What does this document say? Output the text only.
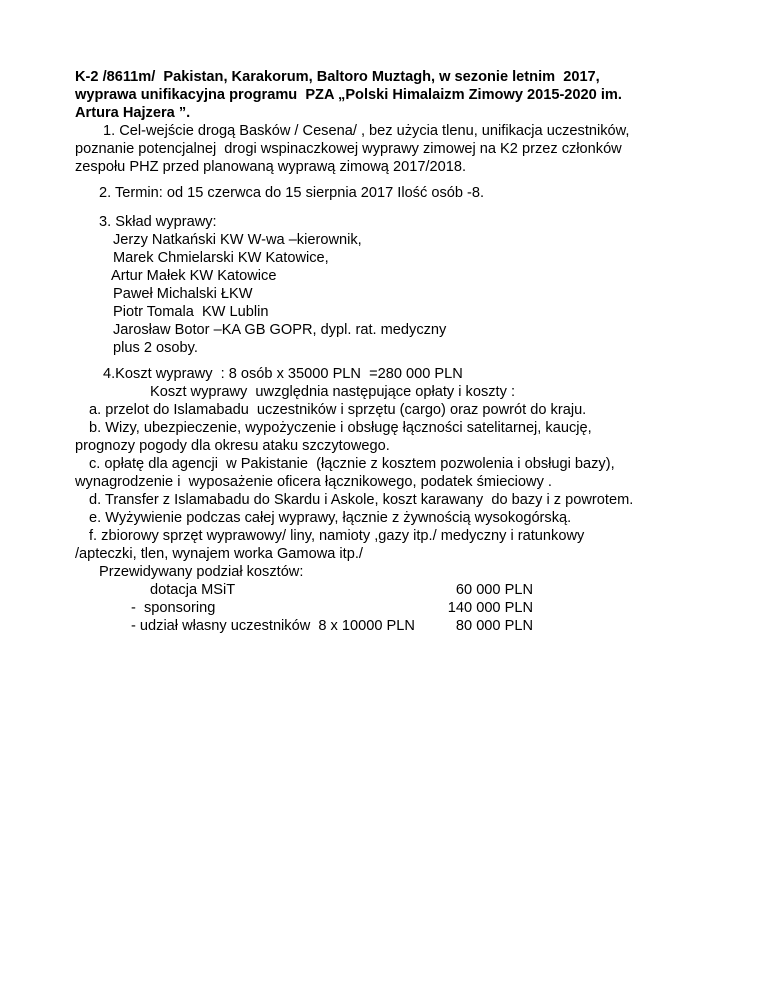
K-2 /8611m/  Pakistan, Karakorum, Baltoro Muztagh, w sezonie letnim  2017,
wyprawa unifikacyjna programu  PZA „Polski Himalaizm Zimowy 2015-2020 im.
Artura Hajzera ”.
1. Cel-wejście drogą Basków / Cesena/ , bez użycia tlenu, unifikacja uczestników,
poznanie potencjalnej  drogi wspinaczkowej wyprawy zimowej na K2 przez członków
zespołu PHZ przed planowaną wyprawą zimową 2017/2018.
2. Termin: od 15 czerwca do 15 sierpnia 2017 Ilość osób -8.
3. Skład wyprawy:
Jerzy Natkański KW W-wa –kierownik,
Marek Chmielarski KW Katowice,
Artur Małek KW Katowice
Paweł Michalski ŁKW
Piotr Tomala  KW Lublin
Jarosław Botor –KA GB GOPR, dypl. rat. medyczny
plus 2 osoby.
4.Koszt wyprawy  : 8 osób x 35000 PLN  =280 000 PLN
Koszt wyprawy  uwzględnia następujące opłaty i koszty :
a. przelot do Islamabadu  uczestników i sprzętu (cargo) oraz powrót do kraju.
b. Wizy, ubezpieczenie, wypożyczenie i obsługę łączności satelitarnej, kaucję,
prognozy pogody dla okresu ataku szczytowego.
c. opłatę dla agencji  w Pakistanie  (łącznie z kosztem pozwolenia i obsługi bazy),
wynagrodzenie i  wyposażenie oficera łącznikowego, podatek śmieciowy .
d. Transfer z Islamabadu do Skardu i Askole, koszt karawany  do bazy i z powrotem.
e. Wyżywienie podczas całej wyprawy, łącznie z żywnością wysokogórską.
f. zbiorowy sprzęt wyprawowy/ liny, namioty ,gazy itp./ medyczny i ratunkowy
/apteczki, tlen, wynajem worka Gamowa itp./
Przewidywany podział kosztów:
dotacja MSiT	60 000 PLN
-  sponsoring	140 000 PLN
- udział własny uczestników  8 x 10000 PLN	80 000 PLN
